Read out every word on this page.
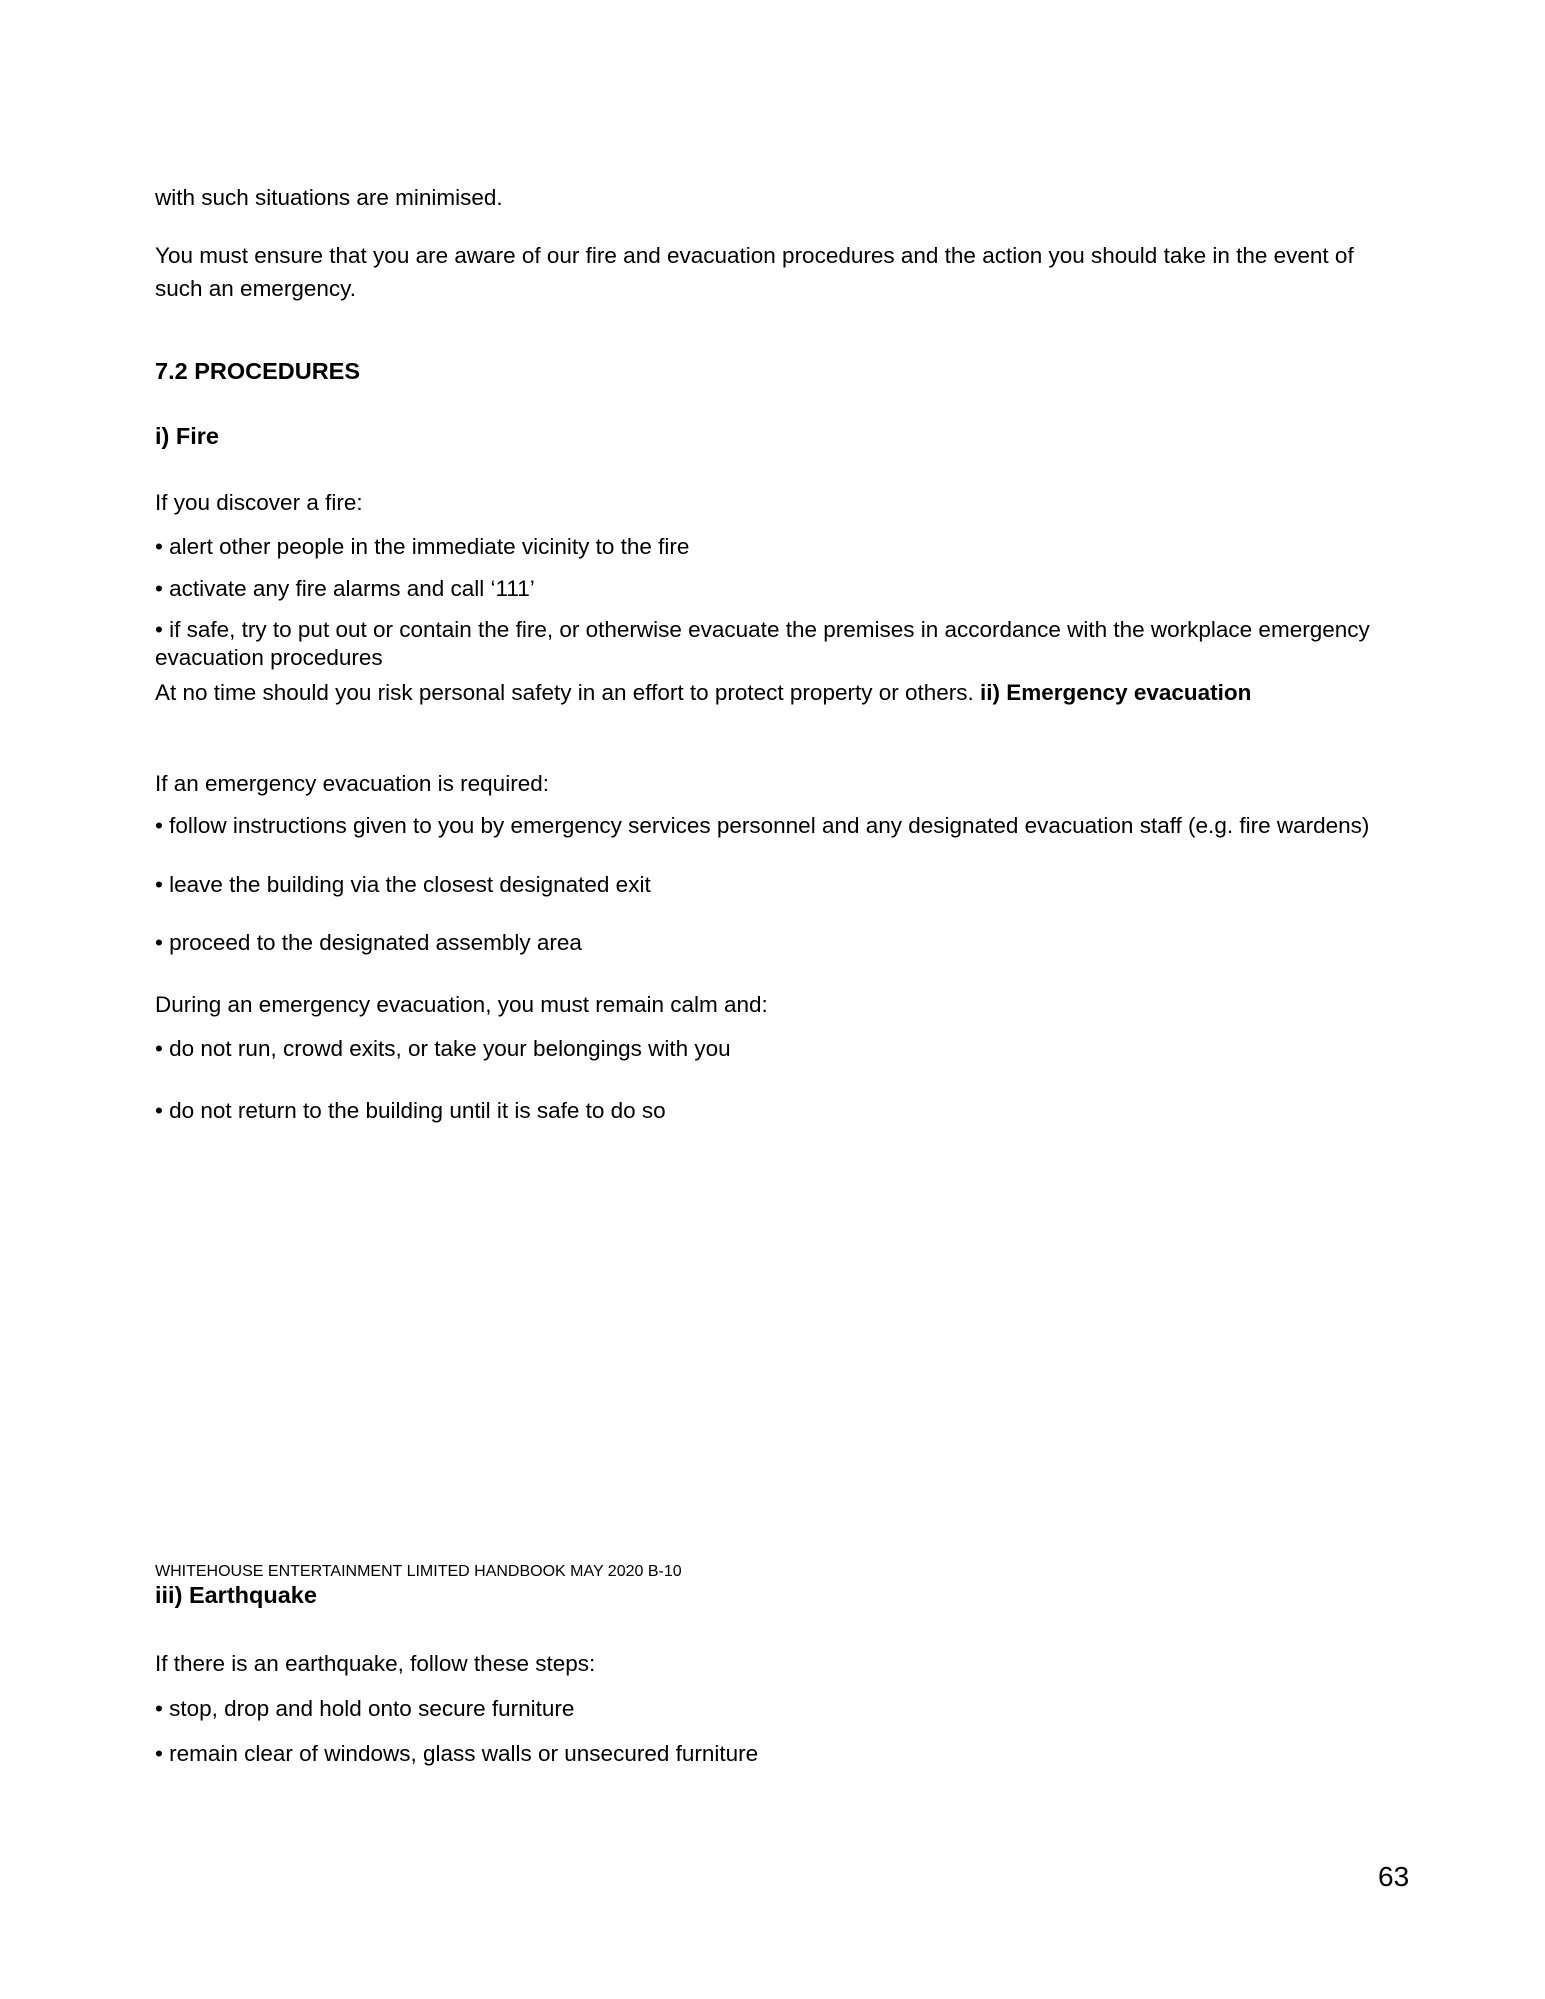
with such situations are minimised.
You must ensure that you are aware of our fire and evacuation procedures and the action you should take in the event of such an emergency.
7.2 PROCEDURES
i) Fire
If you discover a fire:
• alert other people in the immediate vicinity to the fire
• activate any fire alarms and call ‘111’
• if safe, try to put out or contain the fire, or otherwise evacuate the premises in accordance with the workplace emergency evacuation procedures
At no time should you risk personal safety in an effort to protect property or others. ii) Emergency evacuation
If an emergency evacuation is required:
• follow instructions given to you by emergency services personnel and any designated evacuation staff (e.g. fire wardens)
• leave the building via the closest designated exit
• proceed to the designated assembly area
During an emergency evacuation, you must remain calm and:
• do not run, crowd exits, or take your belongings with you
• do not return to the building until it is safe to do so
WHITEHOUSE ENTERTAINMENT LIMITED HANDBOOK MAY 2020 B-10
iii) Earthquake
If there is an earthquake, follow these steps:
• stop, drop and hold onto secure furniture
• remain clear of windows, glass walls or unsecured furniture
63
